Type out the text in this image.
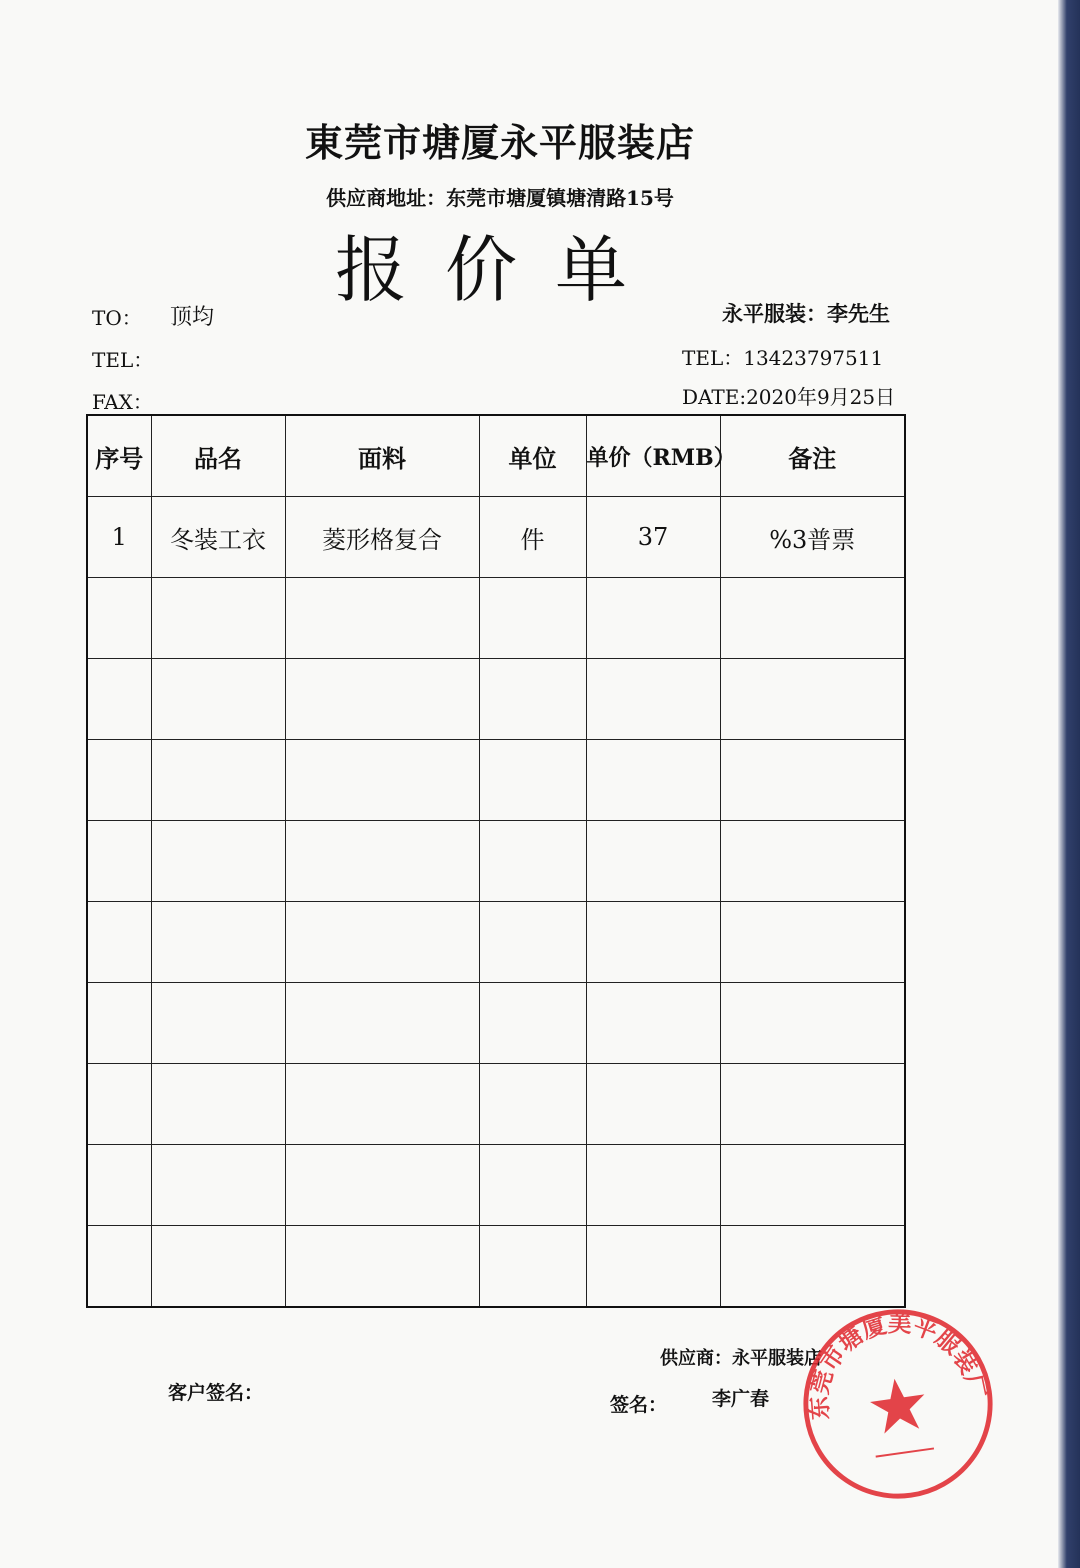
東莞市塘厦永平服装店
供应商地址：东莞市塘厦镇塘清路15号
报价单
TO： 顶均
TEL：
FAX：
永平服装：李先生
TEL：13423797511
DATE:2020年9月25日
序号	品名	面料	单位	单价（RMB）	备注
1	冬装工衣	菱形格复合	件	37	%3普票

客户签名：
供应商：永平服装店
签名： 李广春	东莞市塘厦美平服装厂
